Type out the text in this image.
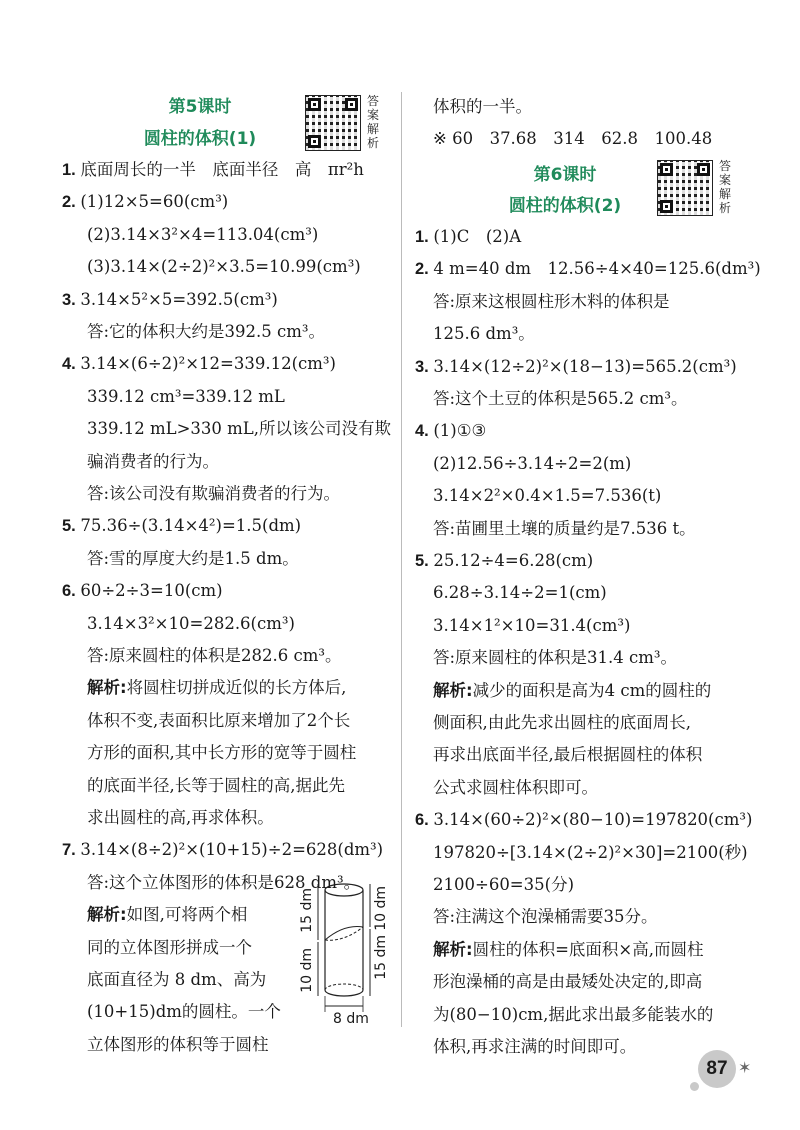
第5课时
圆柱的体积(1)
答
案
解
析
1. 底面周长的一半　底面半径　高　πr²h
2. (1)12×5=60(cm³)
(2)3.14×3²×4=113.04(cm³)
(3)3.14×(2÷2)²×3.5=10.99(cm³)
3. 3.14×5²×5=392.5(cm³)
答:它的体积大约是392.5 cm³。
4. 3.14×(6÷2)²×12=339.12(cm³)
339.12 cm³=339.12 mL
339.12 mL>330 mL,所以该公司没有欺
骗消费者的行为。
答:该公司没有欺骗消费者的行为。
5. 75.36÷(3.14×4²)=1.5(dm)
答:雪的厚度大约是1.5 dm。
6. 60÷2÷3=10(cm)
3.14×3²×10=282.6(cm³)
答:原来圆柱的体积是282.6 cm³。
解析:将圆柱切拼成近似的长方体后,
体积不变,表面积比原来增加了2个长
方形的面积,其中长方形的宽等于圆柱
的底面半径,长等于圆柱的高,据此先
求出圆柱的高,再求体积。
7. 3.14×(8÷2)²×(10+15)÷2=628(dm³)
答:这个立体图形的体积是628 dm³。
解析:如图,可将两个相
同的立体图形拼成一个
底面直径为 8 dm、高为
(10+15)dm的圆柱。一个
立体图形的体积等于圆柱
15 dm
10 dm
10 dm
15 dm
8 dm
体积的一半。
※ 60　37.68　314　62.8　100.48
第6课时
圆柱的体积(2)
答
案
解
析
1. (1)C　(2)A
2. 4 m=40 dm　12.56÷4×40=125.6(dm³)
答:原来这根圆柱形木料的体积是
125.6 dm³。
3. 3.14×(12÷2)²×(18−13)=565.2(cm³)
答:这个土豆的体积是565.2 cm³。
4. (1)①③
(2)12.56÷3.14÷2=2(m)
3.14×2²×0.4×1.5=7.536(t)
答:苗圃里土壤的质量约是7.536 t。
5. 25.12÷4=6.28(cm)
6.28÷3.14÷2=1(cm)
3.14×1²×10=31.4(cm³)
答:原来圆柱的体积是31.4 cm³。
解析:减少的面积是高为4 cm的圆柱的
侧面积,由此先求出圆柱的底面周长,
再求出底面半径,最后根据圆柱的体积
公式求圆柱体积即可。
6. 3.14×(60÷2)²×(80−10)=197820(cm³)
197820÷[3.14×(2÷2)²×30]=2100(秒)
2100÷60=35(分)
答:注满这个泡澡桶需要35分。
解析:圆柱的体积=底面积×高,而圆柱
形泡澡桶的高是由最矮处决定的,即高
为(80−10)cm,据此求出最多能装水的
体积,再求注满的时间即可。
87 ✶
